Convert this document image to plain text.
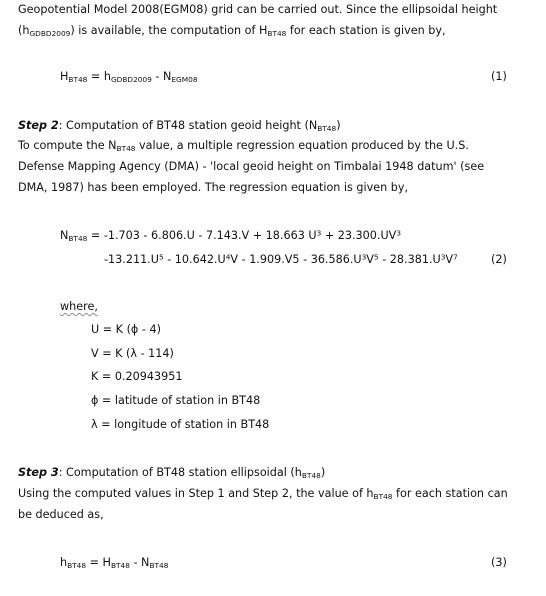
Geopotential Model 2008(EGM08) grid can be carried out. Since the ellipsoidal height
$(h_{GDBD2009})$ is available, the computation of $H_{BT48}$ for each station is given by,
$H_{BT48} = h_{GDBD2009} - N_{EGM08}$	(1)
Step 2: Computation of BT48 station geoid height $(N_{BT48})$
To compute the $N_{BT48}$ value, a multiple regression equation produced by the U.S.
Defense Mapping Agency (DMA) - 'local geoid height on Timbalai 1948 datum' (see
DMA, 1987) has been employed. The regression equation is given by,
$N_{BT48} = -1.703 - 6.806.U - 7.143.V + 18.663$ $U^3 + 23.300.UV^3$
$-13.211.U^5 - 10.642.U^4V - 1.909.V5 - 36.586.U^3V^5 - 28.381.U^3V^7$	(2)
where,
U = K (ϕ - 4)
V = K (λ - 114)
K = 0.20943951
ϕ = latitude of station in BT48
λ = longitude of station in BT48
Step 3: Computation of BT48 station ellipsoidal $(h_{BT48})$
Using the computed values in Step 1 and Step 2, the value of $h_{BT48}$ for each station can
be deduced as,
$h_{BT48} = H_{BT48} - N_{BT48}$	(3)
